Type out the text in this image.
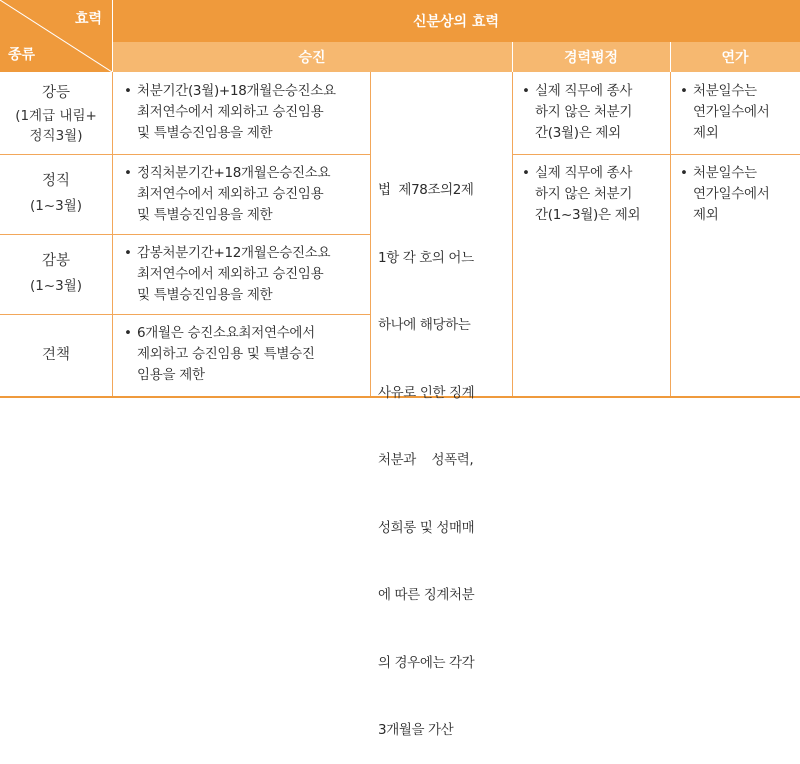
효력
종류
신분상의 효력
승진	경력평정	연가
강등
(1계급 내림+
정직3월)
• 처분기간(3월)+18개월은승진소요
최저연수에서 제외하고 승진임용
및 특별승진임용을 제한
• 실제 직무에 종사
하지 않은 처분기
간(3월)은 제외
• 처분일수는
연가일수에서
제외
정직
(1~3월)
• 정직처분기간+18개월은승진소요
최저연수에서 제외하고 승진임용
및 특별승진임용을 제한
• 실제 직무에 종사
하지 않은 처분기
간(1~3월)은 제외
• 처분일수는
연가일수에서
제외
감봉
(1~3월)
• 감봉처분기간+12개월은승진소요
최저연수에서 제외하고 승진임용
및 특별승진임용을 제한
견책
• 6개월은 승진소요최저연수에서
제외하고 승진임용 및 특별승진
임용을 제한

법  제78조의2제

1항 각 호의 어느

하나에 해당하는

사유로 인한 징계

처분과    성폭력,

성희롱 및 성매매

에 따른 징계처분

의 경우에는 각각

3개월을 가산
